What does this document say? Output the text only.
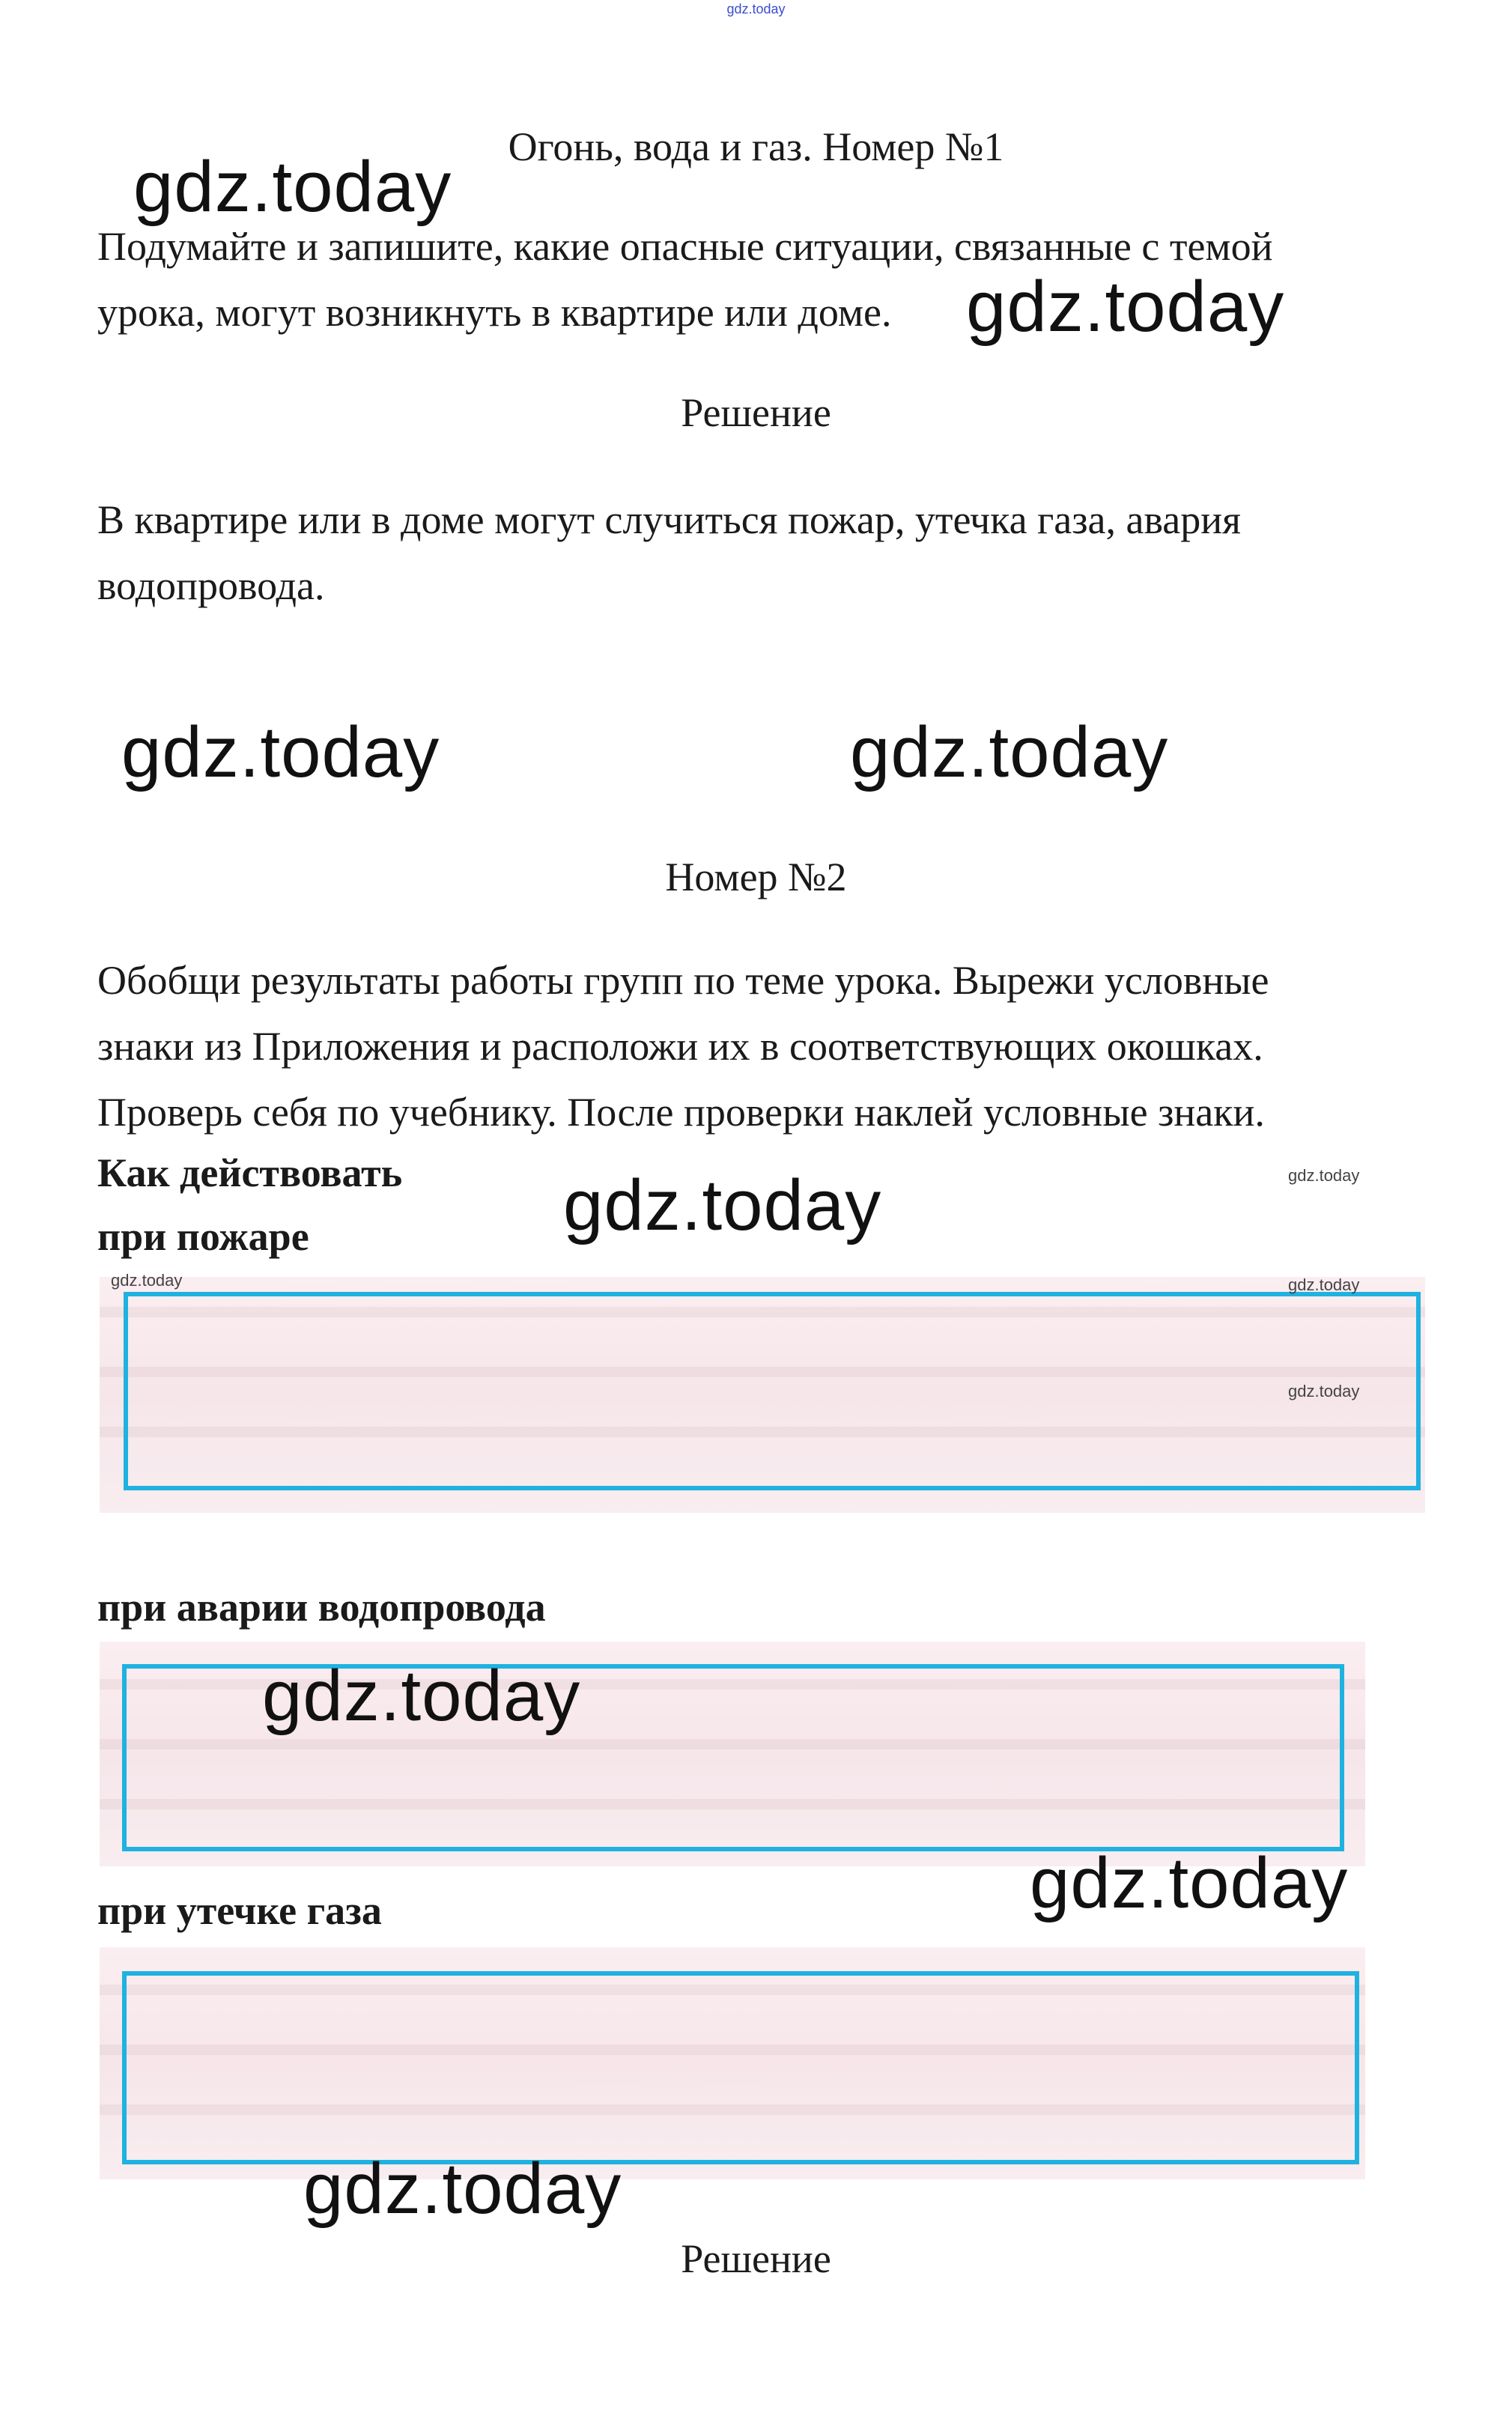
gdz.today
Огонь, вода и газ. Номер №1
gdz.today
Подумайте и запишите, какие опасные ситуации, связанные с темой
урока, могут возникнуть в квартире или доме.	gdz.today
Решение
В квартире или в доме могут случиться пожар, утечка газа, авария
водопровода.
gdz.today	gdz.today
Номер №2
Обобщи результаты работы групп по теме урока. Вырежи условные
знаки из Приложения и расположи их в соответствующих окошках.
Проверь себя по учебнику. После проверки наклей условные знаки.
Как действовать
при пожаре	gdz.today	gdz.today
gdz.today	gdz.today
gdz.today
при аварии водопровода
gdz.today
при утечке газа	gdz.today
gdz.today
Решение
